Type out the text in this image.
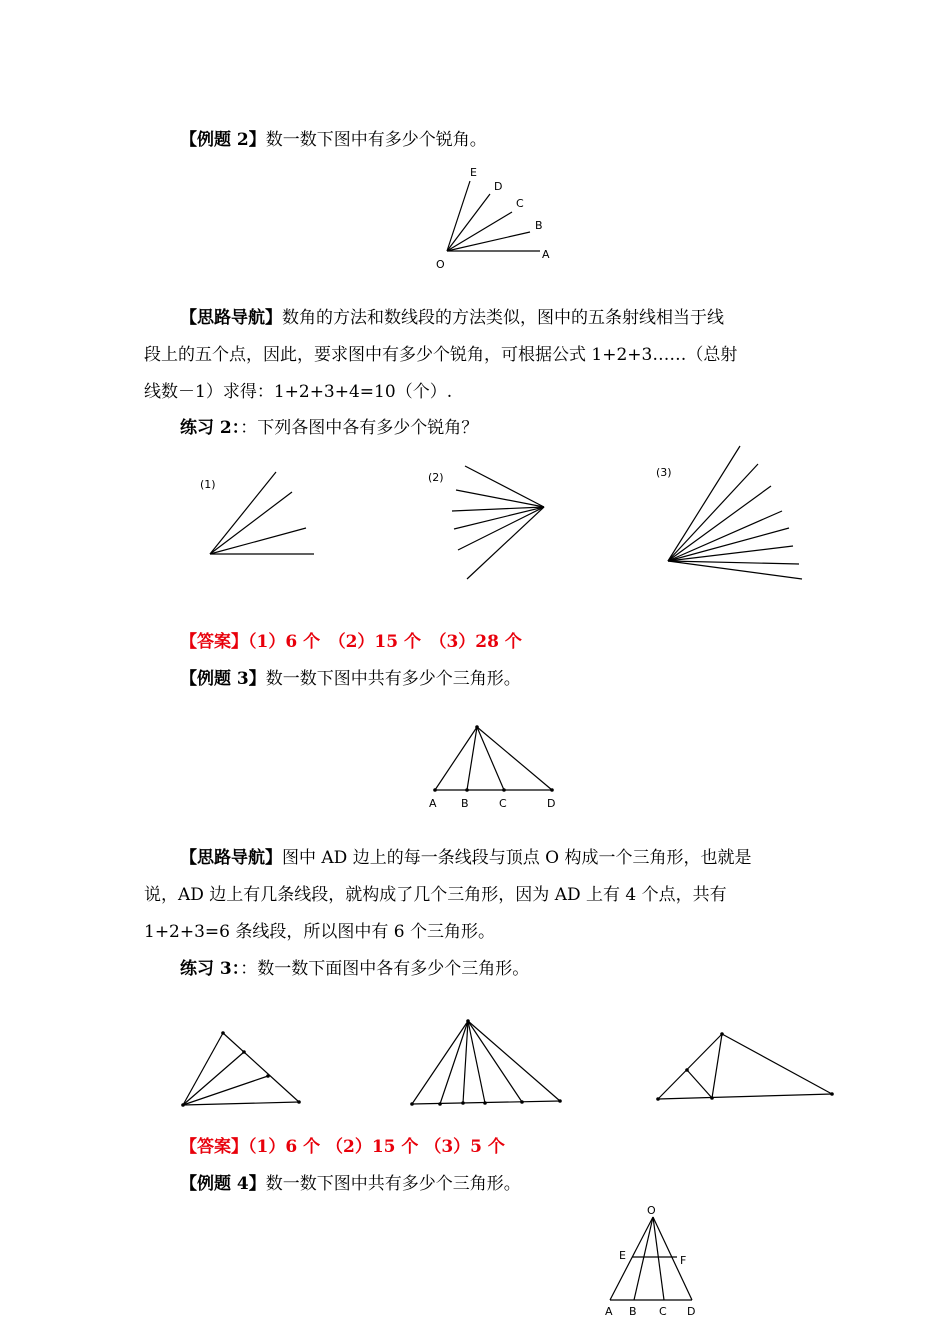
【例题 2】数一数下图中有多少个锐角。
E
D
C
B
A
O
【思路导航】数角的方法和数线段的方法类似，图中的五条射线相当于线
段上的五个点，因此，要求图中有多少个锐角，可根据公式 1+2+3……（总射
线数－1）求得：1+2+3+4=10（个）.
练习 2：：下列各图中各有多少个锐角？
(1)
(2)	(3)
【答案】（1）6 个　（2）15 个　（3）28 个
【例题 3】数一数下图中共有多少个三角形。
A B	C	D
【思路导航】图中 AD 边上的每一条线段与顶点 O 构成一个三角形，也就是
说，AD 边上有几条线段，就构成了几个三角形，因为 AD 上有 4 个点，共有
1+2+3=6 条线段，所以图中有 6 个三角形。
练习 3：：数一数下面图中各有多少个三角形。
【答案】（1）6 个 （2）15 个 （3）5 个
【例题 4】数一数下图中共有多少个三角形。
O
E	F
A B C D
